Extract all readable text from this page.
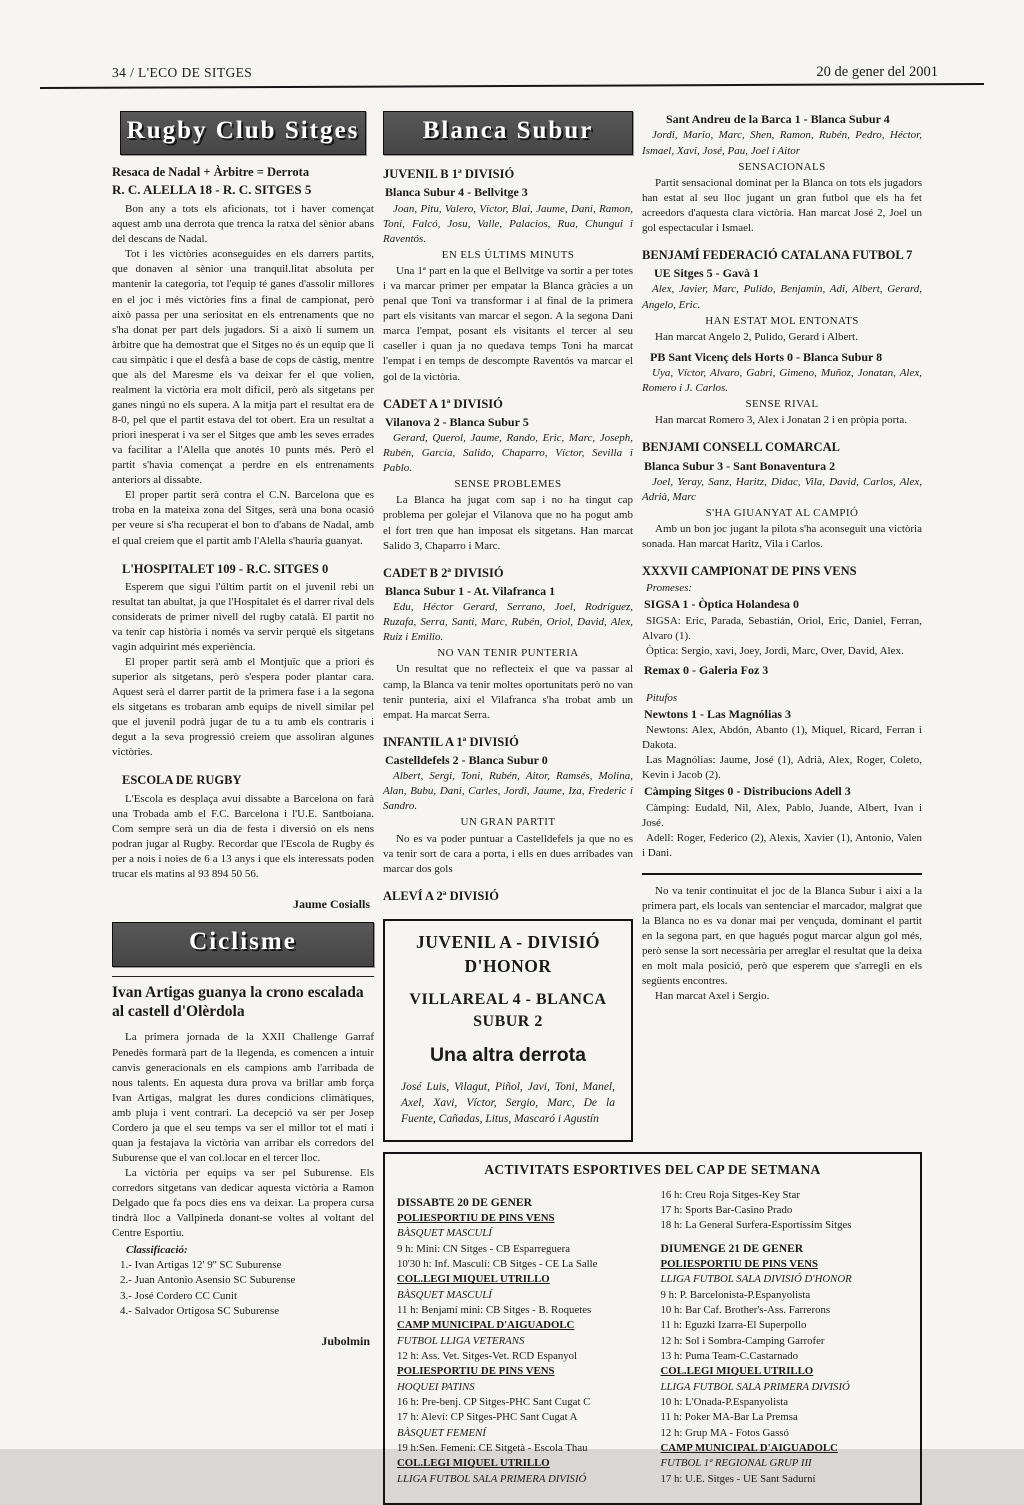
34 / L'ECO DE SITGES	20 de gener del 2001
Rugby Club Sitges

Resaca de Nadal + Àrbitre = Derrota

R. C. ALELLA 18 - R. C. SITGES 5

Bon any a tots els aficionats, tot i haver començat aquest amb una derrota que trenca la ratxa del sènior abans del descans de Nadal.

Tot i les victòries aconseguides en els darrers partits, que donaven al sènior una tranquil.litat absoluta per mantenir la categoria, tot l'equip té ganes d'assolir millores en el joc i més victòries fins a final de campionat, però això passa per una seriositat en els entrenaments que no s'ha donat per part dels jugadors. Si a això li sumem un àrbitre que ha demostrat que el Sitges no és un equip que li cau simpàtic i que el desfà a base de cops de càstig, mentre que als del Maresme els va deixar fer el que volien, realment la victòria era molt difícil, però als sitgetans per ganes ningú no els supera. A la mitja part el resultat era de 8-0, pel que el partit estava del tot obert. Era un resultat a priori inesperat i va ser el Sitges que amb les seves errades va facilitar a l'Alella que anotés 10 punts més. Però el partit s'havia començat a perdre en els entrenaments anteriors al dissabte.

El proper partit serà contra el C.N. Barcelona que es troba en la mateixa zona del Sitges, serà una bona ocasió per veure si s'ha recuperat el bon to d'abans de Nadal, amb el qual creiem que el partit amb l'Alella s'hauria guanyat.

L'HOSPITALET 109 - R.C. SITGES 0

Esperem que sigui l'últim partit on el juvenil rebi un resultat tan abultat, ja que l'Hospitalet és el darrer rival dels considerats de primer nivell del rugby català. El partit no va tenir cap història i només va servir perquè els sitgetans vagin adquirint més experiència.

El proper partit serà amb el Montjuïc que a priori és superior als sitgetans, però s'espera poder plantar cara. Aquest serà el darrer partit de la primera fase i a la segona els sitgetans es trobaran amb equips de nivell similar pel que el juvenil podrà jugar de tu a tu amb els contraris i degut a la seva progressió creiem que assoliran algunes victòries.

ESCOLA DE RUGBY

L'Escola es desplaça avui dissabte a Barcelona on farà una Trobada amb el F.C. Barcelona i l'U.E. Santboiana. Com sempre serà un dia de festa i diversió on els nens podran jugar al Rugby. Recordar que l'Escola de Rugby és per a nois i noies de 6 a 13 anys i que els interessats poden trucar els matins al 93 894 50 56.

Jaume Cosialls

Ciclisme

Ivan Artigas guanya la crono escalada al castell d'Olèrdola

La primera jornada de la XXII Challenge Garraf Penedès formarà part de la llegenda, es comencen a intuir canvis generacionals en els campions amb l'arribada de nous talents. En aquesta dura prova va brillar amb força Ivan Artigas, malgrat les dures condicions climàtiques, amb pluja i vent contrari. La decepció va ser per Josep Cordero ja que el seu temps va ser el millor tot el matí i quan ja festajava la victòria van arribar els corredors del Suburense que el van col.locar en el tercer lloc.

La victòria per equips va ser pel Suburense. Els corredors sitgetans van dedicar aquesta victòria a Ramon Delgado que fa pocs dies ens va deixar. La propera cursa tindrà lloc a Vallpineda donant-se voltes al voltant del Centre Esportiu.

Classificació:

1.- Ivan Artigas 12' 9'' SC Suburense
2.- Juan Antonio Asensio SC Suburense
3.- José Cordero CC Cunit
4.- Salvador Ortigosa SC Suburense

Jubolmin

Blanca Subur

JUVENIL B 1ª DIVISIÓ

Blanca Subur 4 - Bellvitge 3

Joan, Pitu, Valero, Víctor, Blai, Jaume, Dani, Ramon, Toni, Falcó, Josu, Valle, Palacios, Rua, Chungui i Raventós.

EN ELS ÚLTIMS MINUTS

Una 1ª part en la que el Bellvitge va sortir a per totes i va marcar primer per empatar la Blanca gràcies a un penal que Toni va transformar i al final de la primera part els visitants van marcar el segon. A la segona Dani marca l'empat, posant els visitants el tercer al seu caseller i quan ja no quedava temps Toni ha marcat l'empat i en temps de descompte Raventós va marcar el gol de la victòria.

CADET A 1ª DIVISIÓ

Vilanova 2 - Blanca Subur 5

Gerard, Querol, Jaume, Rando, Eric, Marc, Joseph, Rubén, García, Salido, Chaparro, Víctor, Sevilla i Pablo.

SENSE PROBLEMES

La Blanca ha jugat com sap i no ha tingut cap problema per golejar el Vilanova que no ha pogut amb el fort tren que han imposat els sitgetans. Han marcat Salido 3, Chaparro i Marc.

CADET B 2ª DIVISIÓ

Blanca Subur 1 - At. Vilafranca 1

Edu, Héctor Gerard, Serrano, Joel, Rodríguez, Ruzafa, Serra, Santi, Marc, Rubén, Oriol, David, Alex, Ruiz i Emilio.

NO VAN TENIR PUNTERIA

Un resultat que no reflecteix el que va passar al camp, la Blanca va tenir moltes oportunitats però no van tenir punteria, així el Vilafranca s'ha trobat amb un empat. Ha marcat Serra.

INFANTIL A 1ª DIVISIÓ

Castelldefels 2 - Blanca Subur 0

Albert, Sergi, Toni, Rubén, Aitor, Ramsés, Molina, Alan, Bubu, Dani, Carles, Jordi, Jaume, Iza, Frederic i Sandro.

UN GRAN PARTIT

No es va poder puntuar a Castelldefels ja que no es va tenir sort de cara a porta, i ells en dues arribades van marcar dos gols

ALEVÍ A 2ª DIVISIÓ

JUVENIL A - DIVISIÓ D'HONOR

VILLAREAL 4 - BLANCA SUBUR 2

Una altra derrota

José Luis, Vilagut, Piñol, Javi, Toni, Manel, Axel, Xavi, Víctor, Sergio, Marc, De la Fuente, Cañadas, Litus, Mascaró i Agustín

Sant Andreu de la Barca 1 - Blanca Subur 4

Jordi, Mario, Marc, Shen, Ramon, Rubén, Pedro, Héctor, Ismael, Xavi, José, Pau, Joel i Aitor

SENSACIONALS

Partit sensacional dominat per la Blanca on tots els jugadors han estat al seu lloc jugant un gran futbol que els ha fet acreedors d'aquesta clara victòria. Han marcat José 2, Joel un gol espectacular i Ismael.

BENJAMÍ FEDERACIÓ CATALANA FUTBOL 7

UE Sitges 5 - Gavà 1

Alex, Javier, Marc, Pulido, Benjamín, Adi, Albert, Gerard, Angelo, Eric.

HAN ESTAT MOL ENTONATS

Han marcat Angelo 2, Pulido, Gerard i Albert.

PB Sant Vicenç dels Horts 0 - Blanca Subur 8

Uya, Víctor, Alvaro, Gabri, Gimeno, Muñoz, Jonatan, Alex, Romero i J. Carlos.

SENSE RIVAL

Han marcat Romero 3, Alex i Jonatan 2 i en pròpia porta.

BENJAMI CONSELL COMARCAL

Blanca Subur 3 - Sant Bonaventura 2

Joel, Yeray, Sanz, Haritz, Didac, Vila, David, Carlos, Alex, Adrià, Marc

S'HA GIUANYAT AL CAMPIÓ

Amb un bon joc jugant la pilota s'ha aconseguit una victòria sonada. Han marcat Haritz, Vila i Carlos.

XXXVII CAMPIONAT DE PINS VENS

Promeses:

SIGSA 1 - Òptica Holandesa 0

SIGSA: Eric, Parada, Sebastián, Oriol, Eric, Daniel, Ferran, Alvaro (1).

Òptica: Sergio, xavi, Joey, Jordi, Marc, Over, David, Alex.

Remax 0 - Galeria Foz 3

Pitufos

Newtons 1 - Las Magnólias 3

Newtons: Alex, Abdón, Abanto (1), Miquel, Ricard, Ferran i Dakota.

Las Magnólias: Jaume, José (1), Adrià, Alex, Roger, Coleto, Kevin i Jacob (2).

Càmping Sitges 0 - Distribucions Adell 3

Càmping: Eudald, Nil, Alex, Pablo, Juande, Albert, Ivan i José.

Adell: Roger, Federico (2), Alexis, Xavier (1), Antonio, Valen i Dani.

No va tenir continuitat el joc de la Blanca Subur i així a la primera part, els locals van sentenciar el marcador, malgrat que la Blanca no es va donar mai per vençuda, dominant el partit en la segona part, en que hagués pogut marcar algun gol més, però sense la sort necessària per arreglar el resultat que la deixa en molt mala posició, però que esperem que s'arregli en els següents encontres.

Han marcat Axel i Sergio.

ACTIVITATS ESPORTIVES DEL CAP DE SETMANA
DISSABTE 20 DE GENER
POLIESPORTIU DE PINS VENS
BÀSQUET MASCULÍ
9 h: Mini: CN Sitges - CB Esparreguera
10'30 h: Inf. Masculí: CB Sitges - CE La Salle
COL.LEGI MIQUEL UTRILLO
BÀSQUET MASCULÍ
11 h: Benjamí mini: CB Sitges - B. Roquetes
CAMP MUNICIPAL D'AIGUADOLC
FUTBOL LLIGA VETERANS
12 h: Ass. Vet. Sitges-Vet. RCD Espanyol
POLIESPORTIU DE PINS VENS
HOQUEI PATINS
16 h: Pre-benj. CP Sitges-PHC Sant Cugat C
17 h: Aleví: CP Sitges-PHC Sant Cugat A
BÀSQUET FEMENÍ
19 h:Sen. Femení: CE Sitgetà - Escola Thau
COL.LEGI MIQUEL UTRILLO
LLIGA FUTBOL SALA PRIMERA DIVISIÓ
16 h: Creu Roja Sitges-Key Star
17 h: Sports Bar-Casino Prado
18 h: La General Surfera-Esportíssim Sitges
DIUMENGE 21 DE GENER
POLIESPORTIU DE PINS VENS
LLIGA FUTBOL SALA DIVISIÓ D'HONOR
9 h: P. Barcelonista-P.Espanyolista
10 h: Bar Caf. Brother's-Ass. Farrerons
11 h: Eguzki Izarra-El Superpollo
12 h: Sol i Sombra-Camping Garrofer
13 h: Puma Team-C.Castarnado
COL.LEGI MIQUEL UTRILLO
LLIGA FUTBOL SALA PRIMERA DIVISIÓ
10 h: L'Onada-P.Espanyolista
11 h: Poker MA-Bar La Premsa
12 h: Grup MA - Fotos Gassó
CAMP MUNICIPAL D'AIGUADOLC
FUTBOL 1ª REGIONAL GRUP III
17 h: U.E. Sitges - UE Sant Sadurní
